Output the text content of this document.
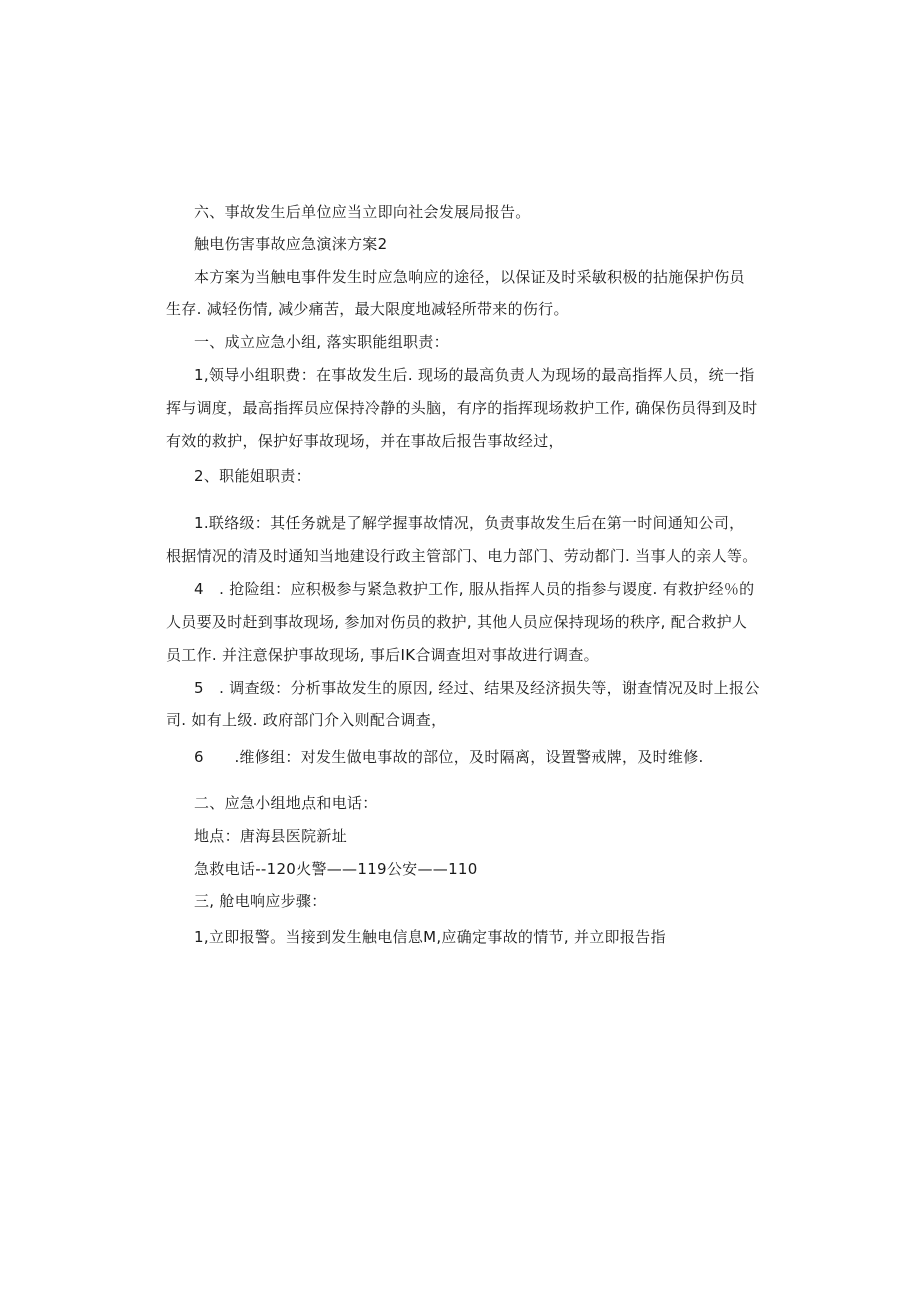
六、事故发生后单位应当立即向社会发展局报告。
触电伤害事故应急演涞方案2
本方案为当触电事件发生时应急响应的途径，以保证及时采敏积极的拈施保护伤员
生存. 减轻伤情, 减少痛苦，最大限度地减轻所带来的伤行。
一、成立应急小组, 落实职能组职责：
1,领导小组职费：在事故发生后. 现场的最高负责人为现场的最高指挥人员，统一指
挥与调度，最高指挥员应保持冷静的头脑，有序的指挥现场救护工作, 确保伤员得到及时
有效的救护，保护好事故现场，并在事故后报告事故经过，
2、职能姐职责：
1.联络级：其任务就是了解学握事故情况，负责事故发生后在第一时间通知公司，
根据情况的清及时通知当地建设行政主管部门、电力部门、劳动都门. 当事人的亲人等。
4　. 抢险组：应积极参与紧急救护工作, 服从指挥人员的指参与谡度. 有救护经％的
人员要及时赶到事故现场, 参加对伤员的救护, 其他人员应保持现场的秩序, 配合救护人
员工作. 并注意保护事故现场, 事后IK合调查坦对事故进行调查。
5　. 调查级：分析事故发生的原因, 经过、结果及经济损失等，谢查情况及时上报公
司. 如有上级. 政府部门介入则配合调查，
6　　.维修组：对发生做电事故的部位，及时隔离，设置警戒牌，及时维修.
二、应急小组地点和电话：
地点：唐海县医院新址
急救电话--120火警——119公安——110
三, 舱电响应步骤：
1,立即报警。当接到发生触电信息M,应确定事故的情节, 并立即报告指
